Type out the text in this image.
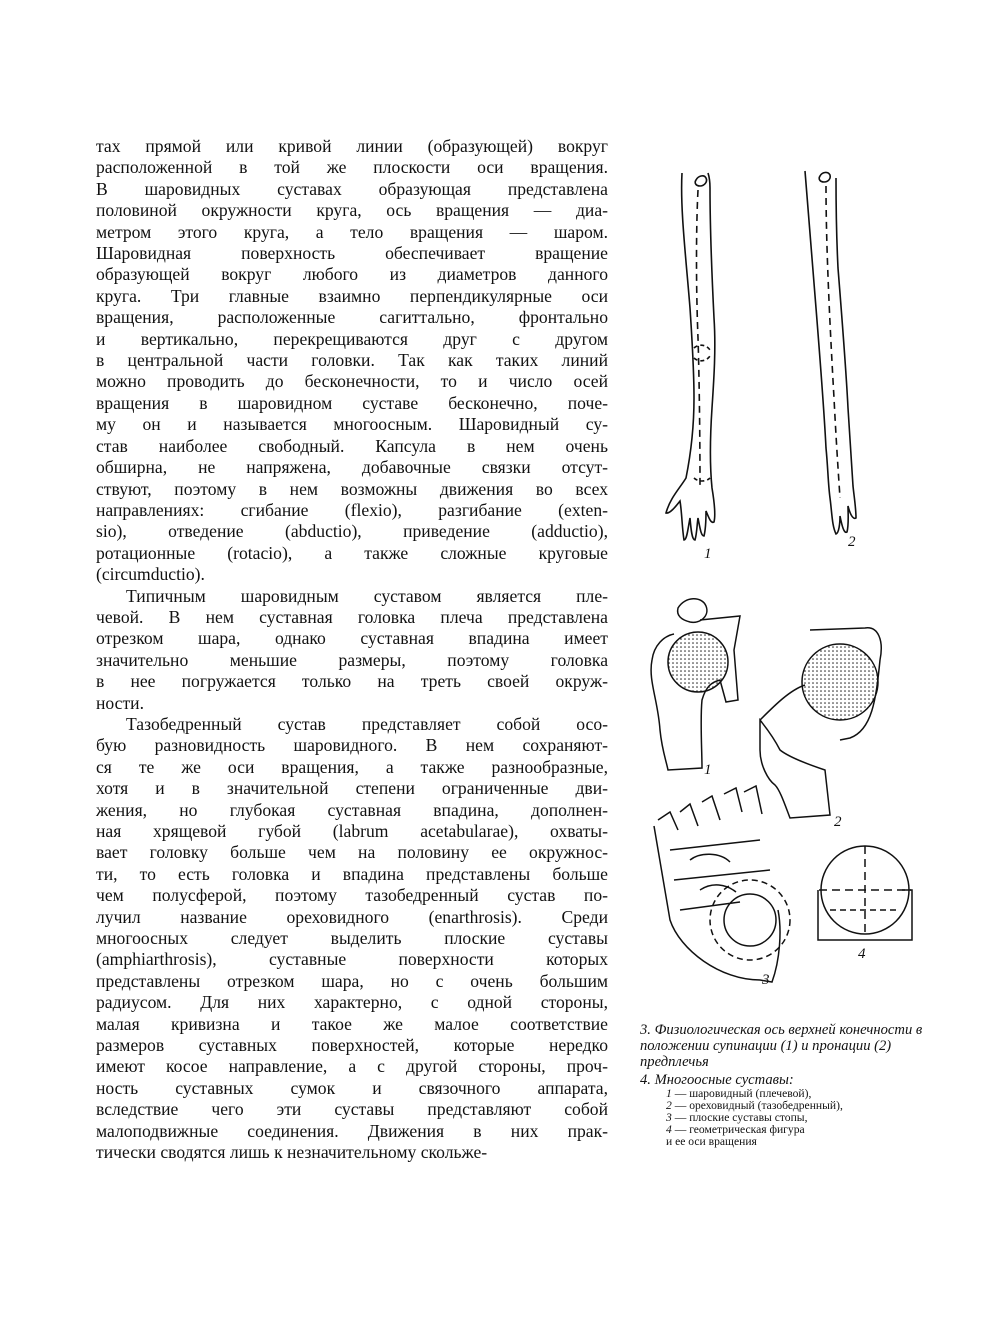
тах прямой или кривой линии (образующей) вокруг
расположенной в той же плоскости оси вращения.
В шаровидных суставах образующая представлена
половиной окружности круга, ось вращения — диа-
метром этого круга, а тело вращения — шаром.
Шаровидная поверхность обеспечивает вращение
образующей вокруг любого из диаметров данного
круга. Три главные взаимно перпендикулярные оси
вращения, расположенные сагиттально, фронтально
и вертикально, перекрещиваются друг с другом
в центральной части головки. Так как таких линий
можно проводить до бесконечности, то и число осей
вращения в шаровидном суставе бесконечно, поче-
му он и называется многоосным. Шаровидный су-
став наиболее свободный. Капсула в нем очень
обширна, не напряжена, добавочные связки отсут-
ствуют, поэтому в нем возможны движения во всех
направлениях: сгибание (flexio), разгибание (exten-
sio), отведение (abductio), приведение (adductio),
ротационные (rotacio), а также сложные круговые
(circumductio).
Типичным шаровидным суставом является пле-
чевой. В нем суставная головка плеча представлена
отрезком шара, однако суставная впадина имеет
значительно меньшие размеры, поэтому головка
в нее погружается только на треть своей окруж-
ности.
Тазобедренный сустав представляет собой осо-
бую разновидность шаровидного. В нем сохраняют-
ся те же оси вращения, а также разнообразные,
хотя и в значительной степени ограниченные дви-
жения, но глубокая суставная впадина, дополнен-
ная хрящевой губой (labrum acetabularae), охваты-
вает головку больше чем на половину ее окружнос-
ти, то есть головка и впадина представлены больше
чем полусферой, поэтому тазобедренный сустав по-
лучил название ореховидного (enarthrosis). Среди
многоосных следует выделить плоские суставы
(amphiarthrosis), суставные поверхности которых
представлены отрезком шара, но с очень большим
радиусом. Для них характерно, с одной стороны,
малая кривизна и такое же малое соответствие
размеров суставных поверхностей, которые нередко
имеют косое направление, а с другой стороны, проч-
ность суставных сумок и связочного аппарата,
вследствие чего эти суставы представляют собой
малоподвижные соединения. Движения в них прак-
тически сводятся лишь к незначительному скольже-
1
2
1
2
3
4
3. Физиологическая ось верхней конечности в положении супинации (1) и пронации (2) предплечья
4. Многоосные суставы:
1 — шаровидный (плечевой),
2 — ореховидный (тазобедренный),
3 — плоские суставы стопы,
4 — геометрическая фигура
и ее оси вращения
